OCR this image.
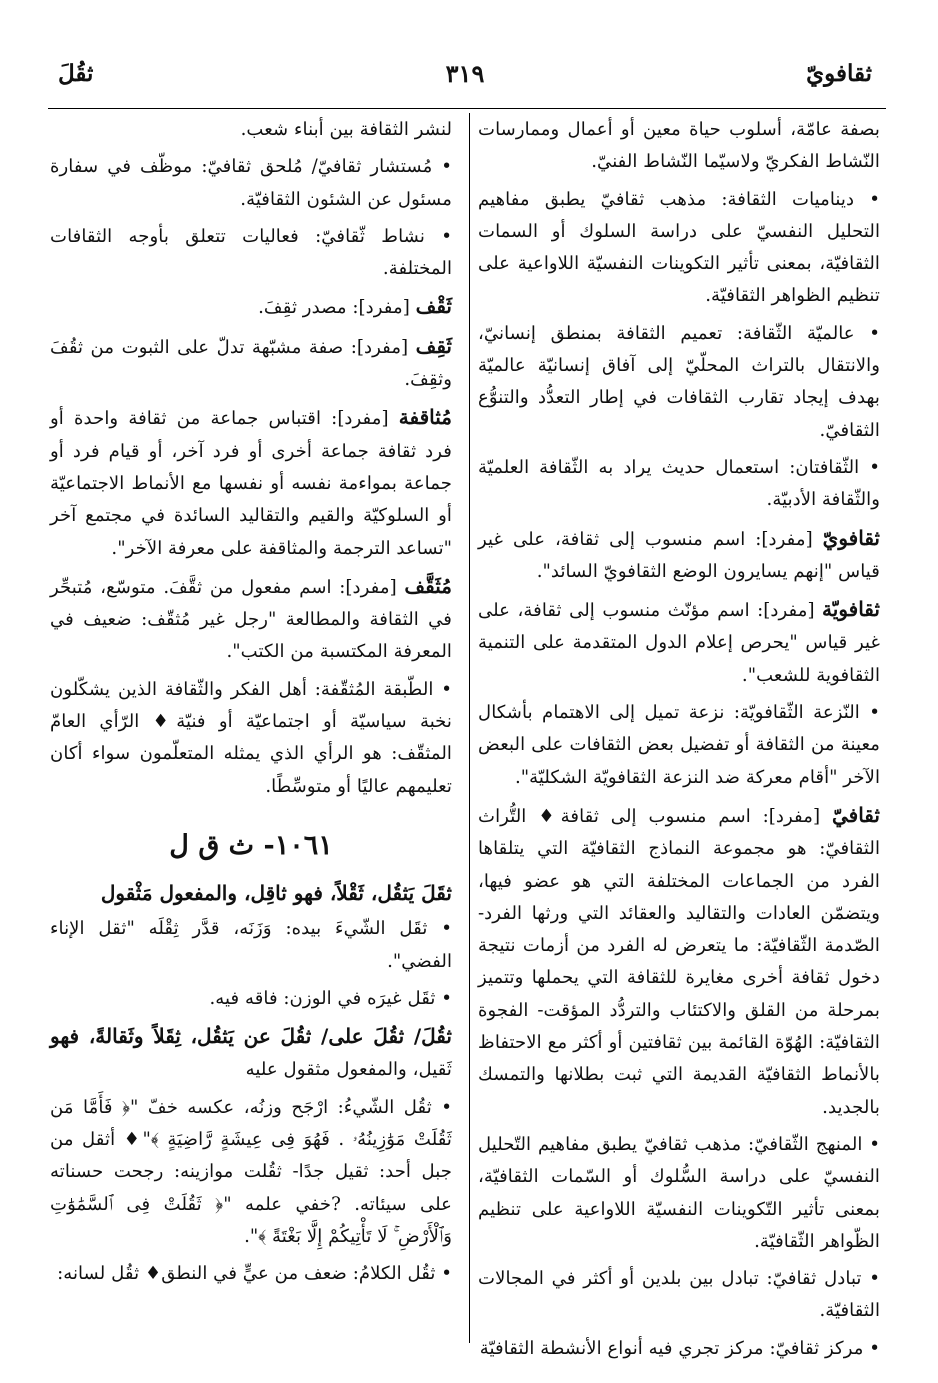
ثقافويّ
٣١٩
ثقُلَ

بصفة عامّة، أسلوب حياة معين أو أعمال وممارسات النّشاط الفكريّ ولاسيّما النّشاط الفنيّ.

• ديناميات الثقافة: مذهب ثقافيّ يطبق مفاهيم التحليل النفسيّ على دراسة السلوك أو السمات الثقافيّة، بمعنى تأثير التكوينات النفسيّة اللاواعية على تنظيم الظواهر الثقافيّة.

• عالميّة الثّقافة: تعميم الثقافة بمنطق إنسانيّ، والانتقال بالتراث المحلّيّ إلى آفاق إنسانيّة عالميّة بهدف إيجاد تقارب الثقافات في إطار التعدُّد والتنوُّع الثقافيّ.

• الثّقافتان: استعمال حديث يراد به الثّقافة العلميّة والثّقافة الأدبيّة.

ثقافويّ [مفرد]: اسم منسوب إلى ثقافة، على غير قياس "إنهم يسايرون الوضع الثقافويّ السائد".

ثقافويّة [مفرد]: اسم مؤنّث منسوب إلى ثقافة، على غير قياس "يحرص إعلام الدول المتقدمة على التنمية الثقافوية للشعب".

• النّزعة الثّقافويّة: نزعة تميل إلى الاهتمام بأشكال معينة من الثقافة أو تفضيل بعض الثقافات على البعض الآخر "أقام معركة ضد النزعة الثقافويّة الشكليّة".

ثقافيّ [مفرد]: اسم منسوب إلى ثقافة♦ التُّراث الثقافيّ: هو مجموعة النماذج الثقافيّة التي يتلقاها الفرد من الجماعات المختلفة التي هو عضو فيها، ويتضمّن العادات والتقاليد والعقائد التي ورثها الفرد- الصّدمة الثّقافيّة: ما يتعرض له الفرد من أزمات نتيجة دخول ثقافة أخرى مغايرة للثقافة التي يحملها وتتميز بمرحلة من القلق والاكتئاب والتردُّد المؤقت- الفجوة الثقافيّة: الهُوّة القائمة بين ثقافتين أو أكثر مع الاحتفاظ بالأنماط الثقافيّة القديمة التي ثبت بطلانها والتمسك بالجديد.

• المنهج الثّقافيّ: مذهب ثقافيّ يطبق مفاهيم التّحليل النفسيّ على دراسة السُّلوك أو السّمات الثقافيّة، بمعنى تأثير التّكوينات النفسيّة اللاواعية على تنظيم الظّواهر الثّقافيّة.

• تبادل ثقافيّ: تبادل بين بلدين أو أكثر في المجالات الثقافيّة.

• مركز ثقافيّ: مركز تجري فيه أنواع الأنشطة الثقافيّة

لنشر الثقافة بين أبناء شعب.

• مُستشار ثقافيّ/ مُلحق ثقافيّ: موظّف في سفارة مسئول عن الشئون الثقافيّة.

• نشاط ثّقافيّ: فعاليات تتعلق بأوجه الثقافات المختلفة.

ثَقْف [مفرد]: مصدر ثقِفَ.

ثَقِف [مفرد]: صفة مشبّهة تدلّ على الثبوت من ثقُفَ وثقِفَ.

مُثاقفة [مفرد]: اقتباس جماعة من ثقافة واحدة أو فرد ثقافة جماعة أخرى أو فرد آخر، أو قيام فرد أو جماعة بمواءمة نفسه أو نفسها مع الأنماط الاجتماعيّة أو السلوكيّة والقيم والتقاليد السائدة في مجتمع آخر "تساعد الترجمة والمثاقفة على معرفة الآخر".

مُثَقَّف [مفرد]: اسم مفعول من ثقَّفَ. متوسّع، مُتبحِّر في الثقافة والمطالعة "رجل غير مُثقّف: ضعيف في المعرفة المكتسبة من الكتب".

• الطّبقة المُثقّفة: أهل الفكر والثّقافة الذين يشكّلون نخبة سياسيّة أو اجتماعيّة أو فنيّة♦ الرّأي العامّ المثقّف: هو الرأي الذي يمثله المتعلّمون سواء أكان تعليمهم عاليًا أو متوسِّطًا.

١٠٦١- ث ق ل

ثقَلَ يَثقُل، ثَقْلاً، فهو ثاقِل، والمفعول مَثْقول

• ثقَل الشّيءَ بيده: وَزَنَه، قدَّر ثِقْلَه "ثقل الإناء الفضي".

• ثقَل غيرَه في الوزن: فاقه فيه.

ثقُلَ/ ثقُلَ على/ ثقُلَ عن يَثقُل، ثِقَلاً وثَقالةً، فهو ثَقيل، والمفعول مثقول عليه

• ثقُل الشّيءُ: ارْجَح وزنُه، عكسه خفّ "﴿ فَأَمَّا مَن ثَقُلَتْ مَوَٰزِينُهُۥ . فَهُوَ فِى عِيشَةٍ رَّاضِيَةٍ ﴾"♦ أثقل من جبل أحد: ثقيل جدًا- ثقُلت موازينه: رجحت حسناته على سيئاته. ?خفي علمه "﴿ ثَقُلَتْ فِى ٱلسَّمَٰوَٰتِ وَٱلْأَرْضِ ۚ لَا تَأْتِيكُمْ إِلَّا بَغْتَةً ﴾".

• ثقُل الكلامُ: ضعف من عيٍّ في النطق♦ ثقُل لسانه:
